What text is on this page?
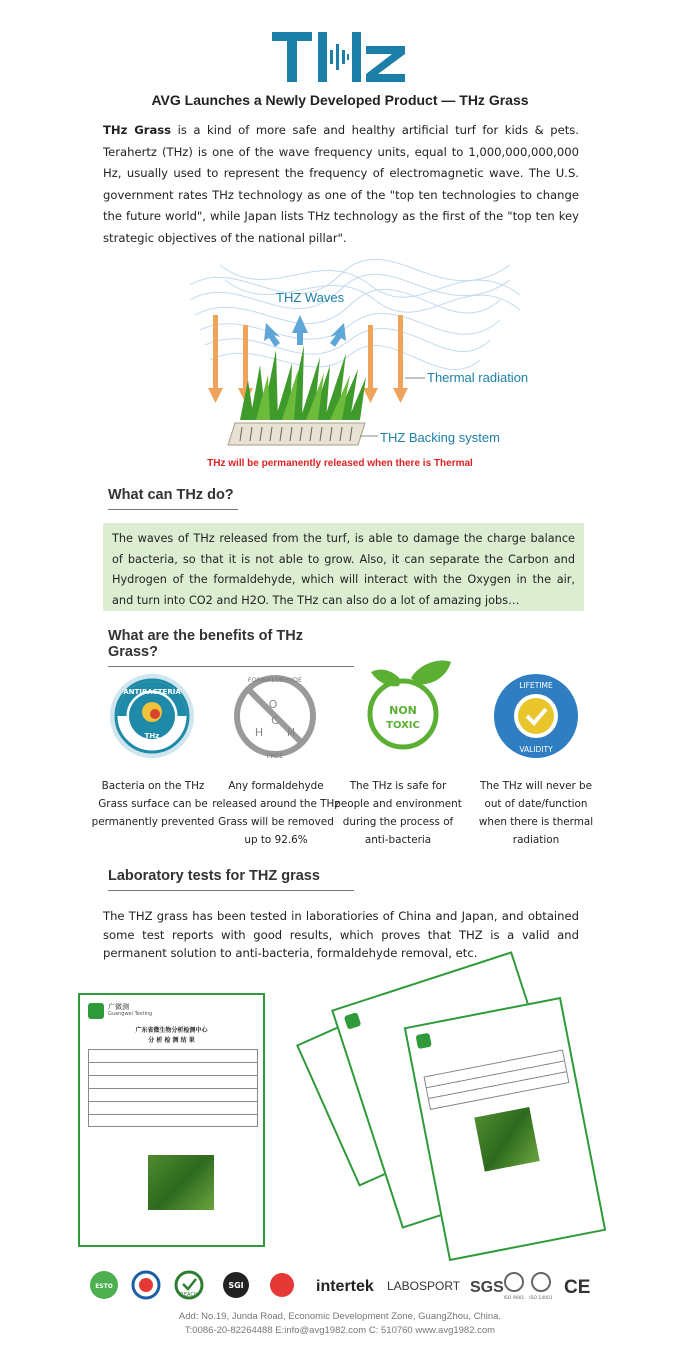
AVG Launches a Newly Developed Product — THz Grass

THz Grass is a kind of more safe and healthy artificial turf for kids & pets. Terahertz (THz) is one of the wave frequency units, equal to 1,000,000,000,000 Hz, usually used to represent the frequency of electromagnetic wave. The U.S. government rates THz technology as one of the "top ten technologies to change the future world", while Japan lists THz technology as the first of the "top ten key strategic objectives of the national pillar".

THZ Waves
Thermal radiation
THZ Backing system
THz will be permanently released when there is Thermal
What can THz do?
The waves of THz released from the turf, is able to damage the charge balance of bacteria, so that it is not able to grow. Also, it can separate the Carbon and Hydrogen of the formaldehyde, which will interact with the Oxygen in the air, and turn into CO2 and H2O. The THz can also do a lot of amazing jobs…
What are the benefits of THz Grass?
ANTIBACTERIA
THz
FORMALDEHYDE
FREE
O
C
H H
NON
TOXIC
LIFETIME
VALIDITY
Bacteria on the THz Grass surface can be permanently prevented
Any formaldehyde released around the THz Grass will be removed up to 92.6%
The THz is safe for people and environment during the process of anti-bacteria
The THz will never be out of date/function when there is thermal radiation
Laboratory tests for THZ grass

The THZ grass has been tested in laboratiories of China and Japan, and obtained some test reports with good results, which proves that THZ is a valid and permanent solution to anti-bacteria, formaldehyde removal, etc.

广微测
Guangwei Testing
广东省微生物分析检测中心
分 析 检 测 结 果
ESTO
REACH
SGI	intertek LABOSPORT SGS
ISO 9001 ISO 14001
CE
Add: No.19, Junda Road, Economic Development Zone, GuangZhou, China.
T:0086-20-82264488 E:info@avg1982.com C: 510760 www.avg1982.com
